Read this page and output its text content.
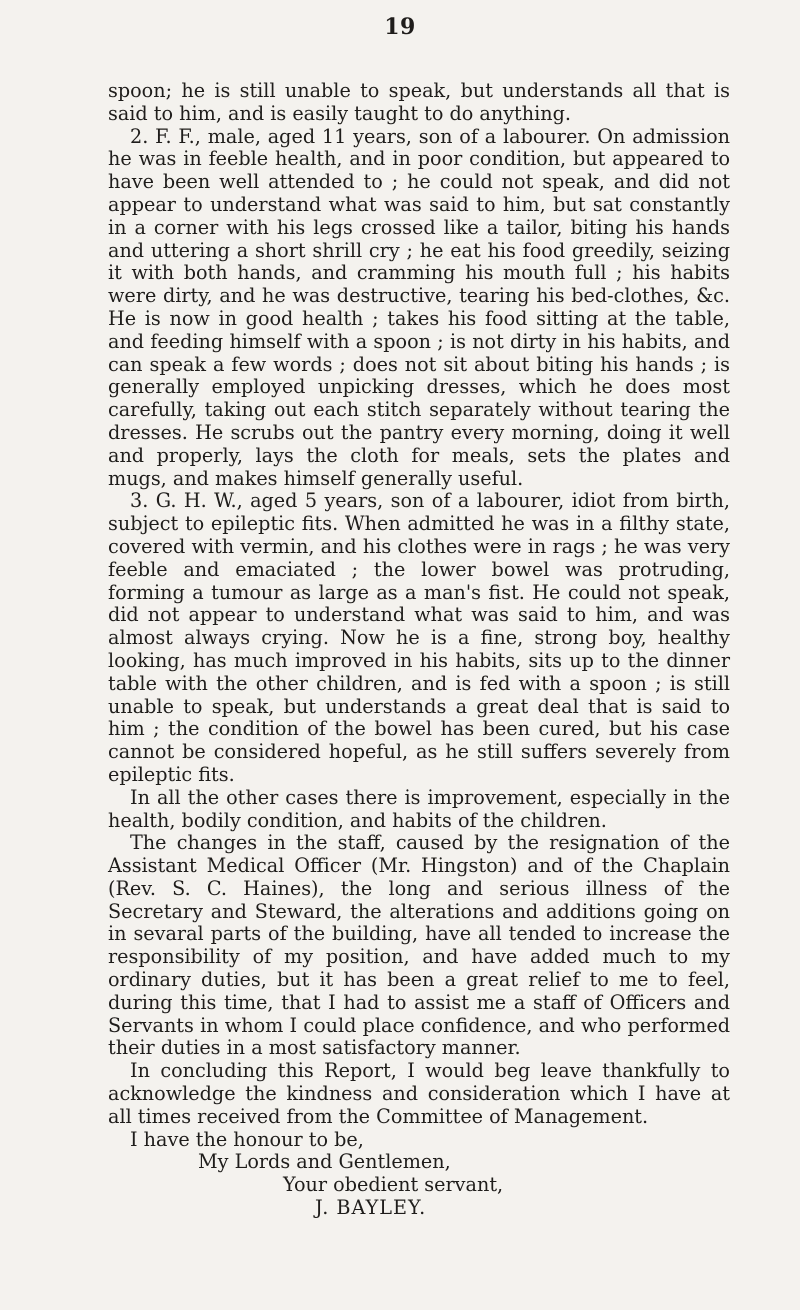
19

spoon; he is still unable to speak, but understands all that is said to him, and is easily taught to do anything.

2. F. F., male, aged 11 years, son of a labourer. On admission he was in feeble health, and in poor condition, but appeared to have been well attended to ; he could not speak, and did not appear to understand what was said to him, but sat constantly in a corner with his legs crossed like a tailor, biting his hands and uttering a short shrill cry ; he eat his food greedily, seizing it with both hands, and cramming his mouth full ; his habits were dirty, and he was destructive, tearing his bed-clothes, &c. He is now in good health ; takes his food sitting at the table, and feeding himself with a spoon ; is not dirty in his habits, and can speak a few words ; does not sit about biting his hands ; is generally employed unpicking dresses, which he does most carefully, taking out each stitch separately without tearing the dresses. He scrubs out the pantry every morning, doing it well and properly, lays the cloth for meals, sets the plates and mugs, and makes himself generally useful.

3. G. H. W., aged 5 years, son of a labourer, idiot from birth, subject to epileptic fits. When admitted he was in a filthy state, covered with vermin, and his clothes were in rags ; he was very feeble and emaciated ; the lower bowel was protruding, forming a tumour as large as a man's fist. He could not speak, did not appear to understand what was said to him, and was almost always crying. Now he is a fine, strong boy, healthy looking, has much improved in his habits, sits up to the dinner table with the other children, and is fed with a spoon ; is still unable to speak, but understands a great deal that is said to him ; the condition of the bowel has been cured, but his case cannot be considered hopeful, as he still suffers severely from epileptic fits.

In all the other cases there is improvement, especially in the health, bodily condition, and habits of the children.

The changes in the staff, caused by the resignation of the Assistant Medical Officer (Mr. Hingston) and of the Chaplain (Rev. S. C. Haines), the long and serious illness of the Secretary and Steward, the alterations and additions going on in sevaral parts of the building, have all tended to increase the responsibility of my position, and have added much to my ordinary duties, but it has been a great relief to me to feel, during this time, that I had to assist me a staff of Officers and Servants in whom I could place confidence, and who performed their duties in a most satisfactory manner.

In concluding this Report, I would beg leave thankfully to acknowledge the kindness and consideration which I have at all times received from the Committee of Management.

I have the honour to be,

My Lords and Gentlemen,

Your obedient servant,

J. BAYLEY.
